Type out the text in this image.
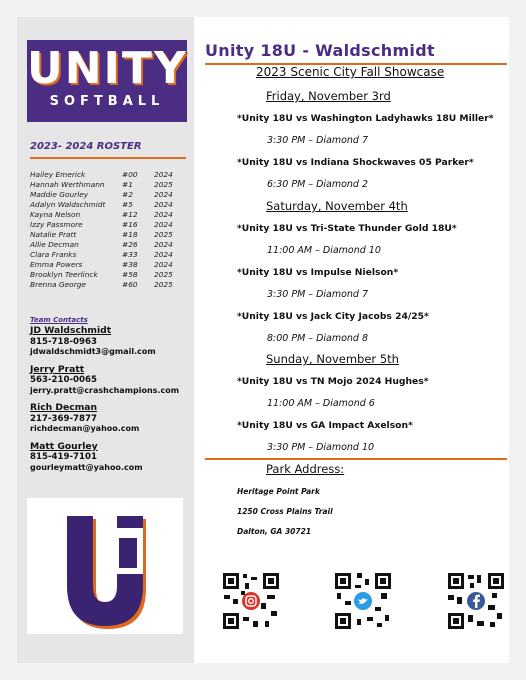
UNITY
SOFTBALL
2023- 2024 ROSTER
Hailey Emerick	#00 2024
Hannah Werthmann #1	2025
Maddie Gourley	#2	2024
Adalyn Waldschmidt #5	2024
Kayna Nelson	#12 2024
Izzy Passmore	#16 2024
Natalie Pratt	#18 2025
Allie Decman	#26 2024
Clara Franks	#33 2024
Emma Powers	#38 2024
Brooklyn Teerlinck	#58 2025
Brenna George	#60 2025
Team Contacts
JD Waldschmidt
815-718-0963
jdwaldschmidt3@gmail.com
Jerry Pratt
563-210-0065
jerry.pratt@crashchampions.com
Rich Decman
217-369-7877
richdecman@yahoo.com
Matt Gourley
815-419-7101
gourleymatt@yahoo.com
Unity 18U - Waldschmidt
2023 Scenic City Fall Showcase
Friday, November 3rd
*Unity 18U vs Washington Ladyhawks 18U Miller*
3:30 PM – Diamond 7
*Unity 18U vs Indiana Shockwaves 05 Parker*
6:30 PM – Diamond 2
Saturday, November 4th
*Unity 18U vs Tri-State Thunder Gold 18U*
11:00 AM – Diamond 10
*Unity 18U vs Impulse Nielson*
3:30 PM – Diamond 7
*Unity 18U vs Jack City Jacobs 24/25*
8:00 PM – Diamond 8
Sunday, November 5th
*Unity 18U vs TN Mojo 2024 Hughes*
11:00 AM – Diamond 6
*Unity 18U vs GA Impact Axelson*
3:30 PM – Diamond 10
Park Address:
Heritage Point Park
1250 Cross Plains Trail
Dalton, GA 30721
